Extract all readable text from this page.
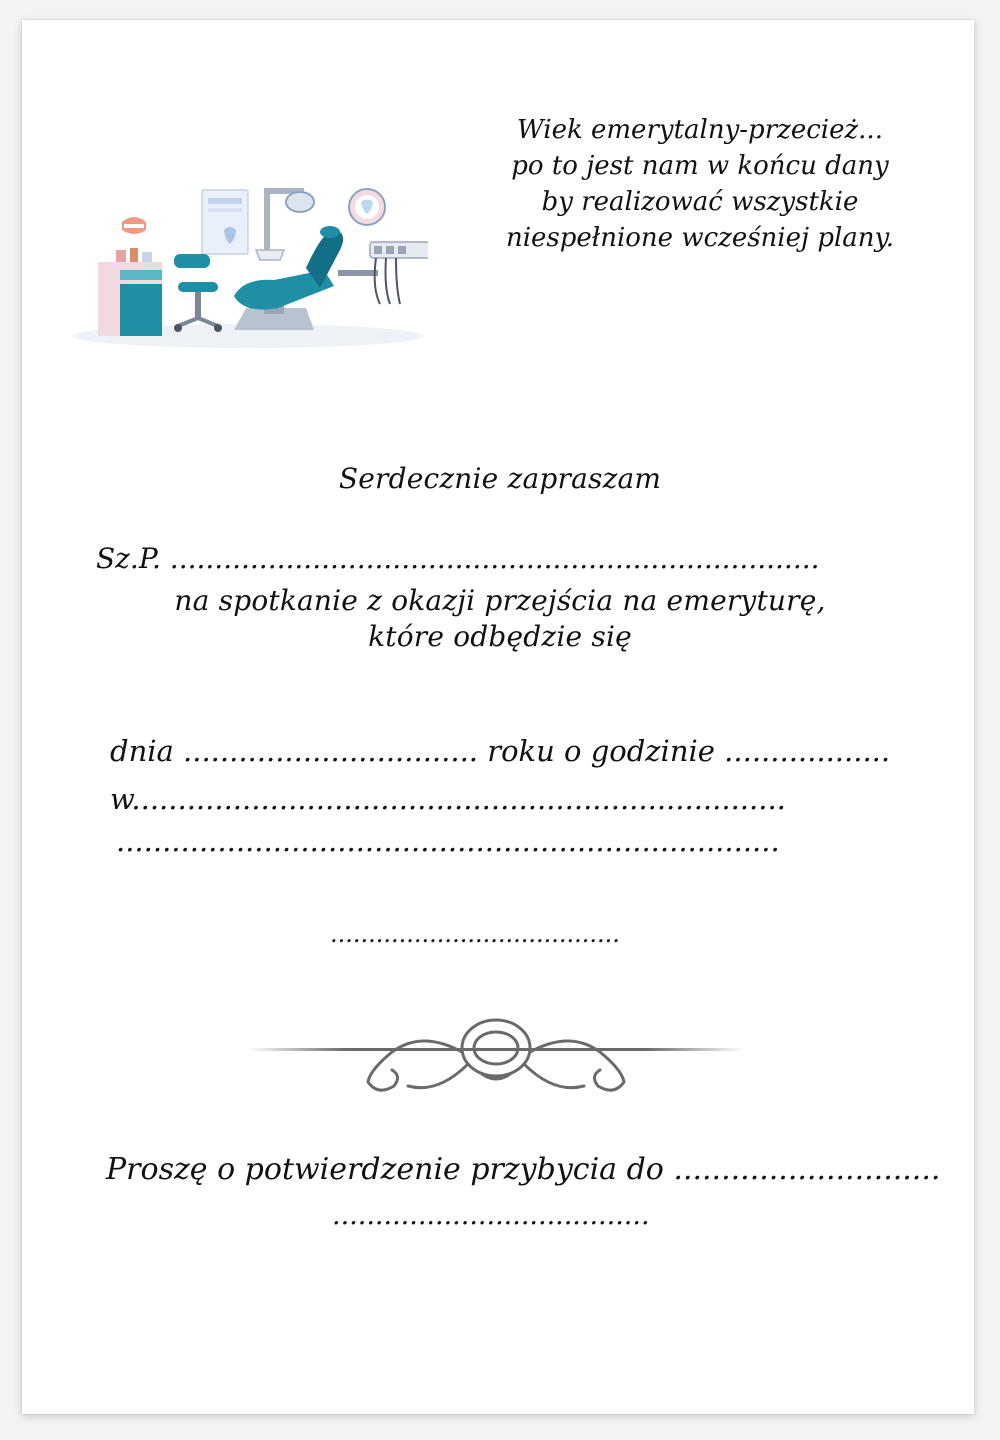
Wiek emerytalny-przecież...
po to jest nam w końcu dany
by realizować wszystkie
niespełnione wcześniej plany.
Serdecznie zapraszam
Sz.P. .........................................................................
na spotkanie z okazji przejścia na emeryturę,
które odbędzie się
dnia ................................ roku o godzinie ..................
w.......................................................................
........................................................................
......................................
Proszę o potwierdzenie przybycia do ............................
.....................................
